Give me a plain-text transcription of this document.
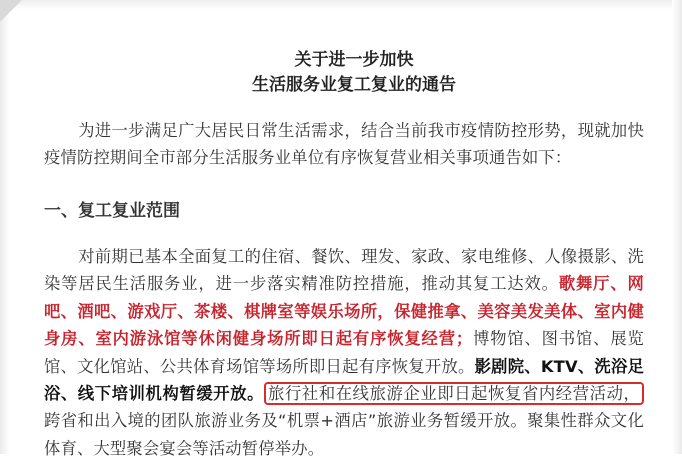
关于进一步加快
生活服务业复工复业的通告

为进一步满足广大居民日常生活需求，结合当前我市疫情防控形势，现就加快疫情防控期间全市部分生活服务业单位有序恢复营业相关事项通告如下：

一、复工复业范围

对前期已基本全面复工的住宿、餐饮、理发、家政、家电维修、人像摄影、洗染等居民生活服务业，进一步落实精准防控措施，推动其复工达效。歌舞厅、网吧、酒吧、游戏厅、茶楼、棋牌室等娱乐场所，保健推拿、美容美发美体、室内健身房、室内游泳馆等休闲健身场所即日起有序恢复经营；博物馆、图书馆、展览馆、文化馆站、公共体育场馆等场所即日起有序恢复开放。影剧院、KTV、洗浴足浴、线下培训机构暂缓开放。 旅行社和在线旅游企业即日起恢复省内经营活动，跨省和出入境的团队旅游业务及“机票+酒店”旅游业务暂缓开放。聚集性群众文化体育、大型聚会宴会等活动暂停举办。
